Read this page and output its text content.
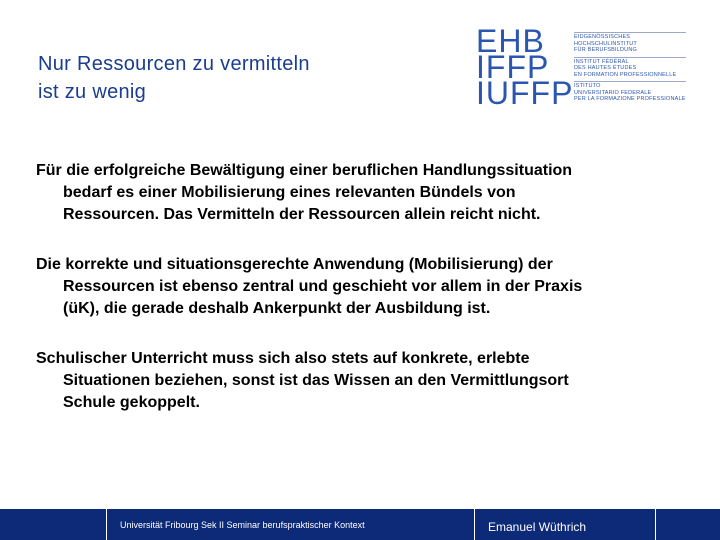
Nur Ressourcen zu vermitteln
ist zu wenig
EHB
IFFP
IUFFP
EIDGENÖSSISCHES
HOCHSCHULINSTITUT
FÜR BERUFSBILDUNG
INSTITUT FÉDÉRAL
DES HAUTES ÉTUDES
EN FORMATION PROFESSIONNELLE
ISTITUTO
UNIVERSITARIO FEDERALE
PER LA FORMAZIONE PROFESSIONALE
Für die erfolgreiche Bewältigung einer beruflichen Handlungssituation
bedarf es einer Mobilisierung eines relevanten Bündels von
Ressourcen. Das Vermitteln der Ressourcen allein reicht nicht.
Die korrekte und situationsgerechte Anwendung (Mobilisierung) der
Ressourcen ist ebenso zentral und geschieht vor allem in der Praxis
(üK), die gerade deshalb Ankerpunkt der Ausbildung ist.
Schulischer Unterricht muss sich also stets auf konkrete, erlebte
Situationen beziehen, sonst ist das Wissen an den Vermittlungsort
Schule gekoppelt.
Universität Fribourg Sek II Seminar berufspraktischer Kontext	Emanuel Wüthrich
